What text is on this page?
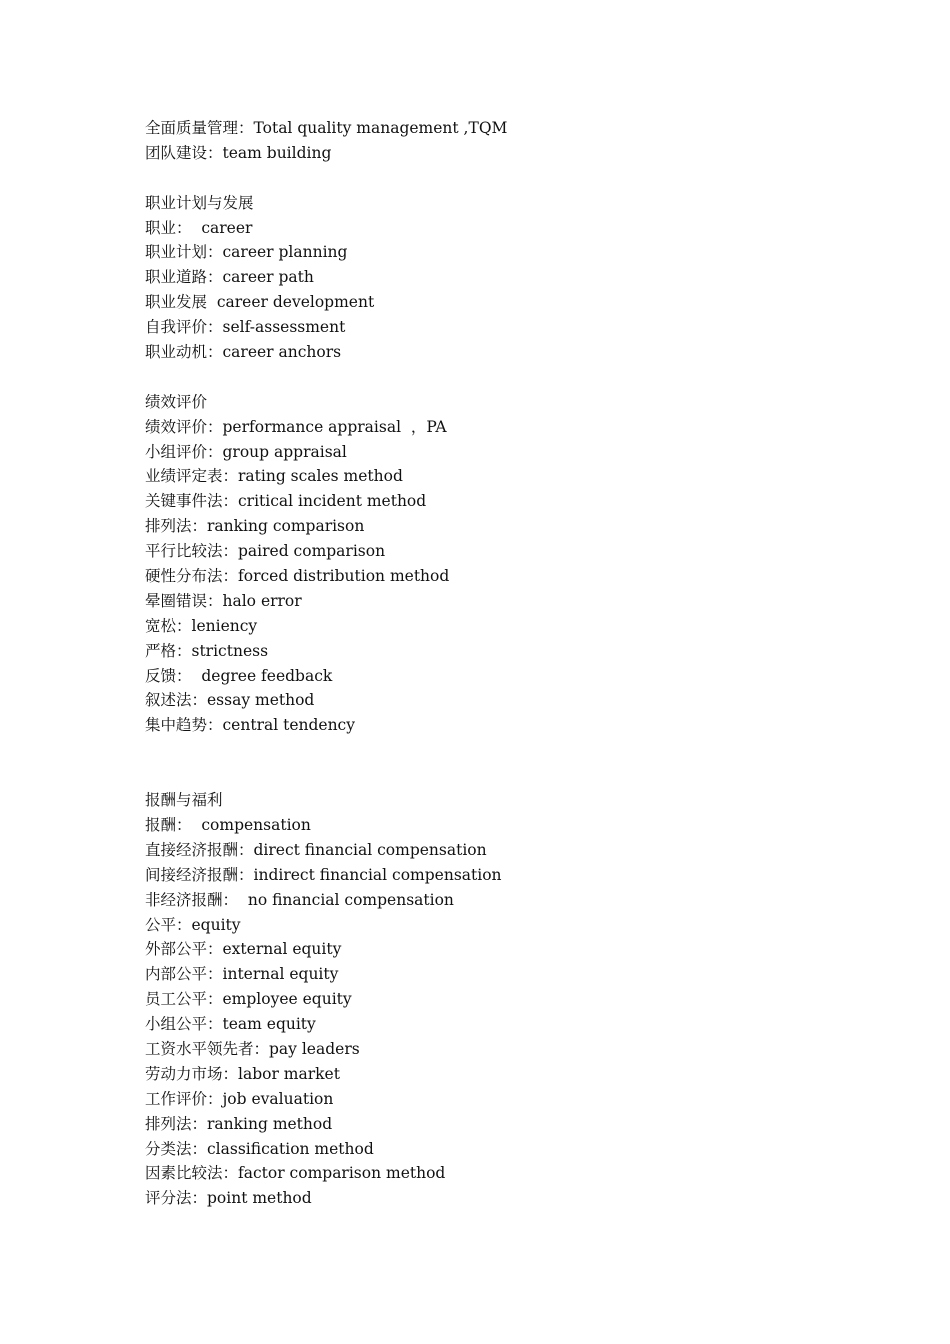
全面质量管理：Total quality management ,TQM
团队建设：team building
职业计划与发展
职业：  career
职业计划：career planning
职业道路：career path
职业发展  career development
自我评价：self-assessment
职业动机：career anchors
绩效评价
绩效评价：performance appraisal  ，PA
小组评价：group appraisal
业绩评定表：rating scales method
关键事件法：critical incident method
排列法：ranking comparison
平行比较法：paired comparison
硬性分布法：forced distribution method
晕圈错误：halo error
宽松：leniency
严格：strictness
反馈：  degree feedback
叙述法：essay method
集中趋势：central tendency
报酬与福利
报酬：  compensation
直接经济报酬：direct financial compensation
间接经济报酬：indirect financial compensation
非经济报酬：  no financial compensation
公平：equity
外部公平：external equity
内部公平：internal equity
员工公平：employee equity
小组公平：team equity
工资水平领先者：pay leaders
劳动力市场：labor market
工作评价：job evaluation
排列法：ranking method
分类法：classification method
因素比较法：factor comparison method
评分法：point method
